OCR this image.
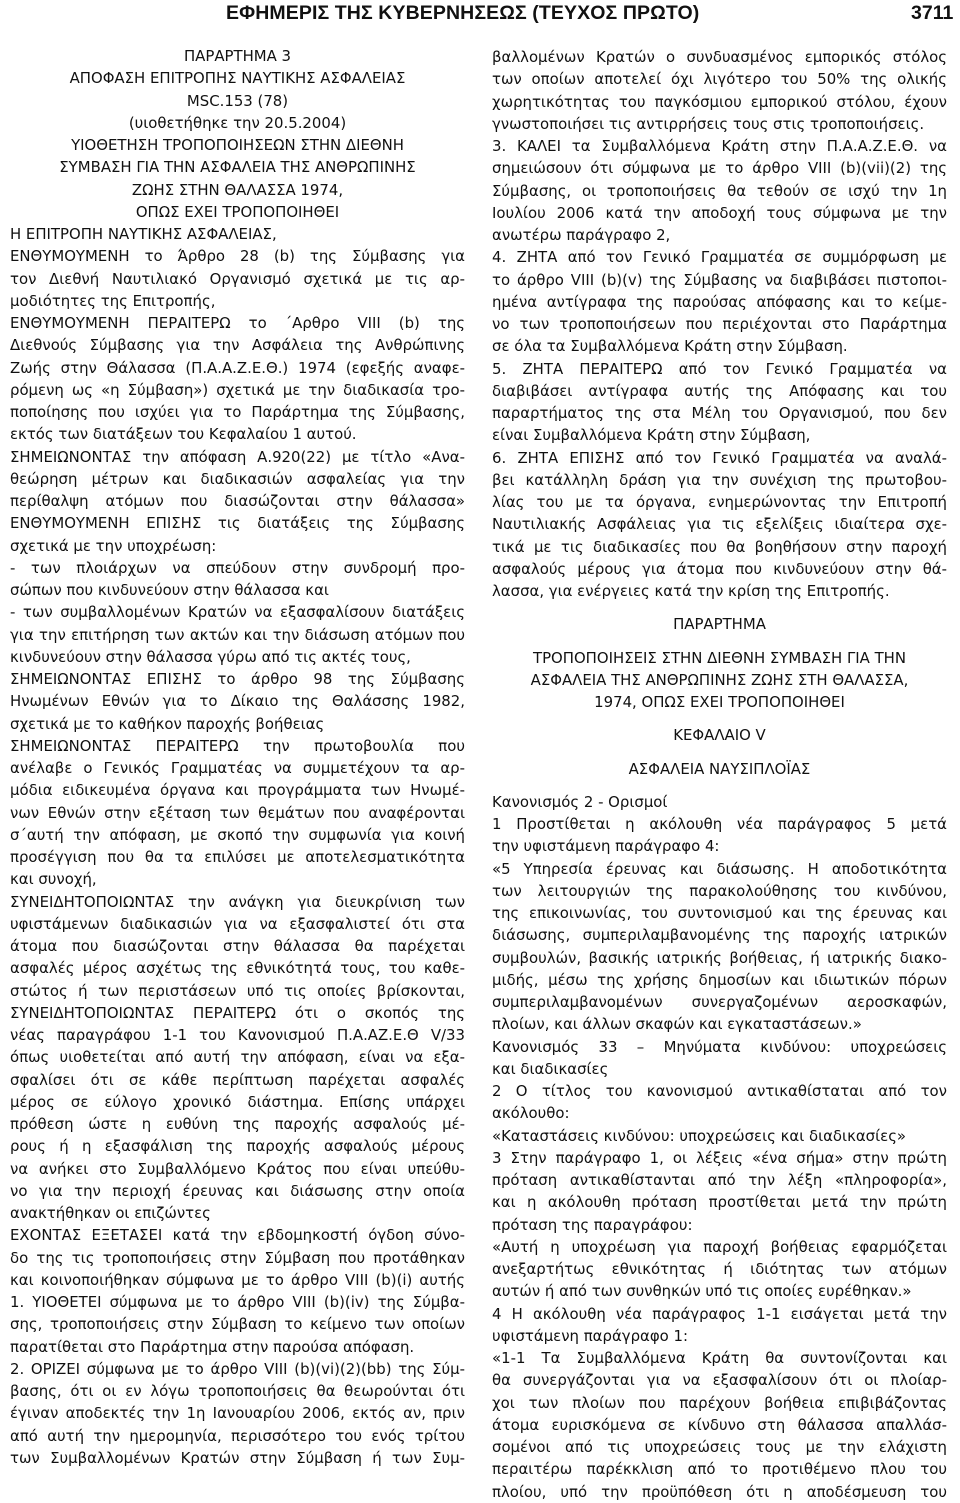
ΕΦΗΜΕΡΙΣ ΤΗΣ ΚΥΒΕΡΝΗΣΕΩΣ (ΤΕΥΧΟΣ ΠΡΩΤΟ)	3711
ΠΑΡΑΡΤΗΜΑ 3
ΑΠΟΦΑΣΗ ΕΠΙΤΡΟΠΗΣ ΝΑΥΤΙΚΗΣ ΑΣΦΑΛΕΙΑΣ
MSC.153 (78)
(υιοθετήθηκε την 20.5.2004)
ΥΙΟΘΕΤΗΣΗ ΤΡΟΠΟΠΟΙΗΣΕΩΝ ΣΤΗΝ ΔΙΕΘΝΗ
ΣΥΜΒΑΣΗ ΓΙΑ ΤΗΝ ΑΣΦΑΛΕΙΑ ΤΗΣ ΑΝΘΡΩΠΙΝΗΣ
ΖΩΗΣ ΣΤΗΝ ΘΑΛΑΣΣΑ 1974,
ΟΠΩΣ ΕΧΕΙ ΤΡΟΠΟΠΟΙΗΘΕΙ
Η ΕΠΙΤΡΟΠΗ ΝΑΥΤΙΚΗΣ ΑΣΦΑΛΕΙΑΣ,
ΕΝΘΥΜΟΥΜΕΝΗ το Άρθρο 28 (b) της Σύμβασης για
τον Διεθνή Ναυτιλιακό Οργανισμό σχετικά με τις αρ-
μοδιότητες της Επιτροπής,
ΕΝΘΥΜΟΥΜΕΝΗ ΠΕΡΑΙΤΕΡΩ το ΄Αρθρο VIII (b) της
Διεθνούς Σύμβασης για την Ασφάλεια της Ανθρώπινης
Ζωής στην Θάλασσα (Π.Α.Α.Ζ.Ε.Θ.) 1974 (εφεξής αναφε-
ρόμενη ως «η Σύμβαση») σχετικά με την διαδικασία τρο-
ποποίησης που ισχύει για το Παράρτημα της Σύμβασης,
εκτός των διατάξεων του Κεφαλαίου 1 αυτού.
ΣΗΜΕΙΩΝΟΝΤΑΣ την απόφαση Α.920(22) με τίτλο «Ανα-
θεώρηση μέτρων και διαδικασιών ασφαλείας για την
περίθαλψη ατόμων που διασώζονται στην θάλασσα»
ΕΝΘΥΜΟΥΜΕΝΗ ΕΠΙΣΗΣ τις διατάξεις της Σύμβασης
σχετικά με την υποχρέωση:
- των πλοιάρχων να σπεύδουν στην συνδρομή προ-
σώπων που κινδυνεύουν στην θάλασσα και
- των συμβαλλομένων Κρατών να εξασφαλίσουν διατάξεις
για την επιτήρηση των ακτών και την διάσωση ατόμων που
κινδυνεύουν στην θάλασσα γύρω από τις ακτές τους,
ΣΗΜΕΙΩΝΟΝΤΑΣ ΕΠΙΣΗΣ το άρθρο 98 της Σύμβασης
Ηνωμένων Εθνών για το Δίκαιο της Θαλάσσης 1982,
σχετικά με το καθήκον παροχής βοήθειας
ΣΗΜΕΙΩΝΟΝΤΑΣ ΠΕΡΑΙΤΕΡΩ την πρωτοβουλία που
ανέλαβε ο Γενικός Γραμματέας να συμμετέχουν τα αρ-
μόδια ειδικευμένα όργανα και προγράμματα των Ηνωμέ-
νων Εθνών στην εξέταση των θεμάτων που αναφέρονται
σ΄αυτή την απόφαση, με σκοπό την συμφωνία για κοινή
προσέγγιση που θα τα επιλύσει με αποτελεσματικότητα
και συνοχή,
ΣΥΝΕΙΔΗΤΟΠΟΙΩΝΤΑΣ την ανάγκη για διευκρίνιση των
υφιστάμενων διαδικασιών για να εξασφαλιστεί ότι στα
άτομα που διασώζονται στην θάλασσα θα παρέχεται
ασφαλές μέρος ασχέτως της εθνικότητά τους, του καθε-
στώτος ή των περιστάσεων υπό τις οποίες βρίσκονται,
ΣΥΝΕΙΔΗΤΟΠΟΙΩΝΤΑΣ ΠΕΡΑΙΤΕΡΩ ότι ο σκοπός της
νέας παραγράφου 1-1 του Κανονισμού Π.Α.ΑΖ.Ε.Θ V/33
όπως υιοθετείται από αυτή την απόφαση, είναι να εξα-
σφαλίσει ότι σε κάθε περίπτωση παρέχεται ασφαλές
μέρος σε εύλογο χρονικό διάστημα. Επίσης υπάρχει
πρόθεση ώστε η ευθύνη της παροχής ασφαλούς μέ-
ρους ή η εξασφάλιση της παροχής ασφαλούς μέρους
να ανήκει στο Συμβαλλόμενο Κράτος που είναι υπεύθυ-
νο για την περιοχή έρευνας και διάσωσης στην οποία
ανακτήθηκαν οι επιζώντες
ΕΧΟΝΤΑΣ ΕΞΕΤΑΣΕΙ κατά την εβδομηκοστή όγδοη σύνο-
δο της τις τροποποιήσεις στην Σύμβαση που προτάθηκαν
και κοινοποιήθηκαν σύμφωνα με το άρθρο VIII (b)(i) αυτής
1. ΥΙΟΘΕΤΕΙ σύμφωνα με το άρθρο VIII (b)(iv) της Σύμβα-
σης, τροποποιήσεις στην Σύμβαση το κείμενο των οποίων
παρατίθεται στο Παράρτημα στην παρούσα απόφαση.
2. ΟΡΙΖΕΙ σύμφωνα με το άρθρο VIII (b)(vi)(2)(bb) της Σύμ-
βασης, ότι οι εν λόγω τροποποιήσεις θα θεωρούνται ότι
έγιναν αποδεκτές την 1η Ιανουαρίου 2006, εκτός αν, πριν
από αυτή την ημερομηνία, περισσότερο του ενός τρίτου
των Συμβαλλομένων Κρατών στην Σύμβαση ή των Συμ-
βαλλομένων Κρατών ο συνδυασμένος εμπορικός στόλος
των οποίων αποτελεί όχι λιγότερο του 50% της ολικής
χωρητικότητας του παγκόσμιου εμπορικού στόλου, έχουν
γνωστοποιήσει τις αντιρρήσεις τους στις τροποποιήσεις.
3. ΚΑΛΕΙ τα Συμβαλλόμενα Κράτη στην Π.Α.Α.Ζ.Ε.Θ. να
σημειώσουν ότι σύμφωνα με το άρθρο VIII (b)(vii)(2) της
Σύμβασης, οι τροποποιήσεις θα τεθούν σε ισχύ την 1η
Ιουλίου 2006 κατά την αποδοχή τους σύμφωνα με την
ανωτέρω παράγραφο 2,
4. ΖΗΤΑ από τον Γενικό Γραμματέα σε συμμόρφωση με
το άρθρο VIII (b)(v) της Σύμβασης να διαβιβάσει πιστοποι-
ημένα αντίγραφα της παρούσας απόφασης και το κείμε-
νο των τροποποιήσεων που περιέχονται στο Παράρτημα
σε όλα τα Συμβαλλόμενα Κράτη στην Σύμβαση.
5. ΖΗΤΑ ΠΕΡΑΙΤΕΡΩ από τον Γενικό Γραμματέα να
διαβιβάσει αντίγραφα αυτής της Απόφασης και του
παραρτήματος της στα Μέλη του Οργανισμού, που δεν
είναι Συμβαλλόμενα Κράτη στην Σύμβαση,
6. ΖΗΤΑ ΕΠΙΣΗΣ από τον Γενικό Γραμματέα να αναλά-
βει κατάλληλη δράση για την συνέχιση της πρωτοβου-
λίας του με τα όργανα, ενημερώνοντας την Επιτροπή
Ναυτιλιακής Ασφάλειας για τις εξελίξεις ιδιαίτερα σχε-
τικά με τις διαδικασίες που θα βοηθήσουν στην παροχή
ασφαλούς μέρους για άτομα που κινδυνεύουν στην θά-
λασσα, για ενέργειες κατά την κρίση της Επιτροπής.
ΠΑΡΑΡΤΗΜΑ
ΤΡΟΠΟΠΟΙΗΣΕΙΣ ΣΤΗΝ ΔΙΕΘΝΗ ΣΥΜΒΑΣΗ ΓΙΑ ΤΗΝ
ΑΣΦΑΛΕΙΑ ΤΗΣ ΑΝΘΡΩΠΙΝΗΣ ΖΩΗΣ ΣΤΗ ΘΑΛΑΣΣΑ,
1974, ΟΠΩΣ ΕΧΕΙ ΤΡΟΠΟΠΟΙΗΘΕΙ
ΚΕΦΑΛΑΙΟ V
ΑΣΦΑΛΕΙΑ ΝΑΥΣΙΠΛΟΪΑΣ
Κανονισμός 2 - Ορισμοί
1 Προστίθεται η ακόλουθη νέα παράγραφος 5 μετά
την υφιστάμενη παράγραφο 4:
«5 Υπηρεσία έρευνας και διάσωσης. Η αποδοτικότητα
των λειτουργιών της παρακολούθησης του κινδύνου,
της επικοινωνίας, του συντονισμού και της έρευνας και
διάσωσης, συμπεριλαμβανομένης της παροχής ιατρικών
συμβουλών, βασικής ιατρικής βοήθειας, ή ιατρικής διακο-
μιδής, μέσω της χρήσης δημοσίων και ιδιωτικών πόρων
συμπεριλαμβανομένων συνεργαζομένων αεροσκαφών,
πλοίων, και άλλων σκαφών και εγκαταστάσεων.»
Κανονισμός 33 – Μηνύματα κινδύνου: υποχρεώσεις
και διαδικασίες
2 Ο τίτλος του κανονισμού αντικαθίσταται από τον
ακόλουθο:
«Καταστάσεις κινδύνου: υποχρεώσεις και διαδικασίες»
3 Στην παράγραφο 1, οι λέξεις «ένα σήμα» στην πρώτη
πρόταση αντικαθίστανται από την λέξη «πληροφορία»,
και η ακόλουθη πρόταση προστίθεται μετά την πρώτη
πρόταση της παραγράφου:
«Αυτή η υποχρέωση για παροχή βοήθειας εφαρμόζεται
ανεξαρτήτως εθνικότητας ή ιδιότητας των ατόμων
αυτών ή από των συνθηκών υπό τις οποίες ευρέθηκαν.»
4 Η ακόλουθη νέα παράγραφος 1-1 εισάγεται μετά την
υφιστάμενη παράγραφο 1:
«1-1 Τα Συμβαλλόμενα Κράτη θα συντονίζονται και
θα συνεργάζονται για να εξασφαλίσουν ότι οι πλοίαρ-
χοι των πλοίων που παρέχουν βοήθεια επιβιβάζοντας
άτομα ευρισκόμενα σε κίνδυνο στη θάλασσα απαλλάσ-
σομένοι από τις υποχρεώσεις τους με την ελάχιστη
περαιτέρω παρέκκλιση από το προτιθέμενο πλου του
πλοίου, υπό την προϋπόθεση ότι η αποδέσμευση του
